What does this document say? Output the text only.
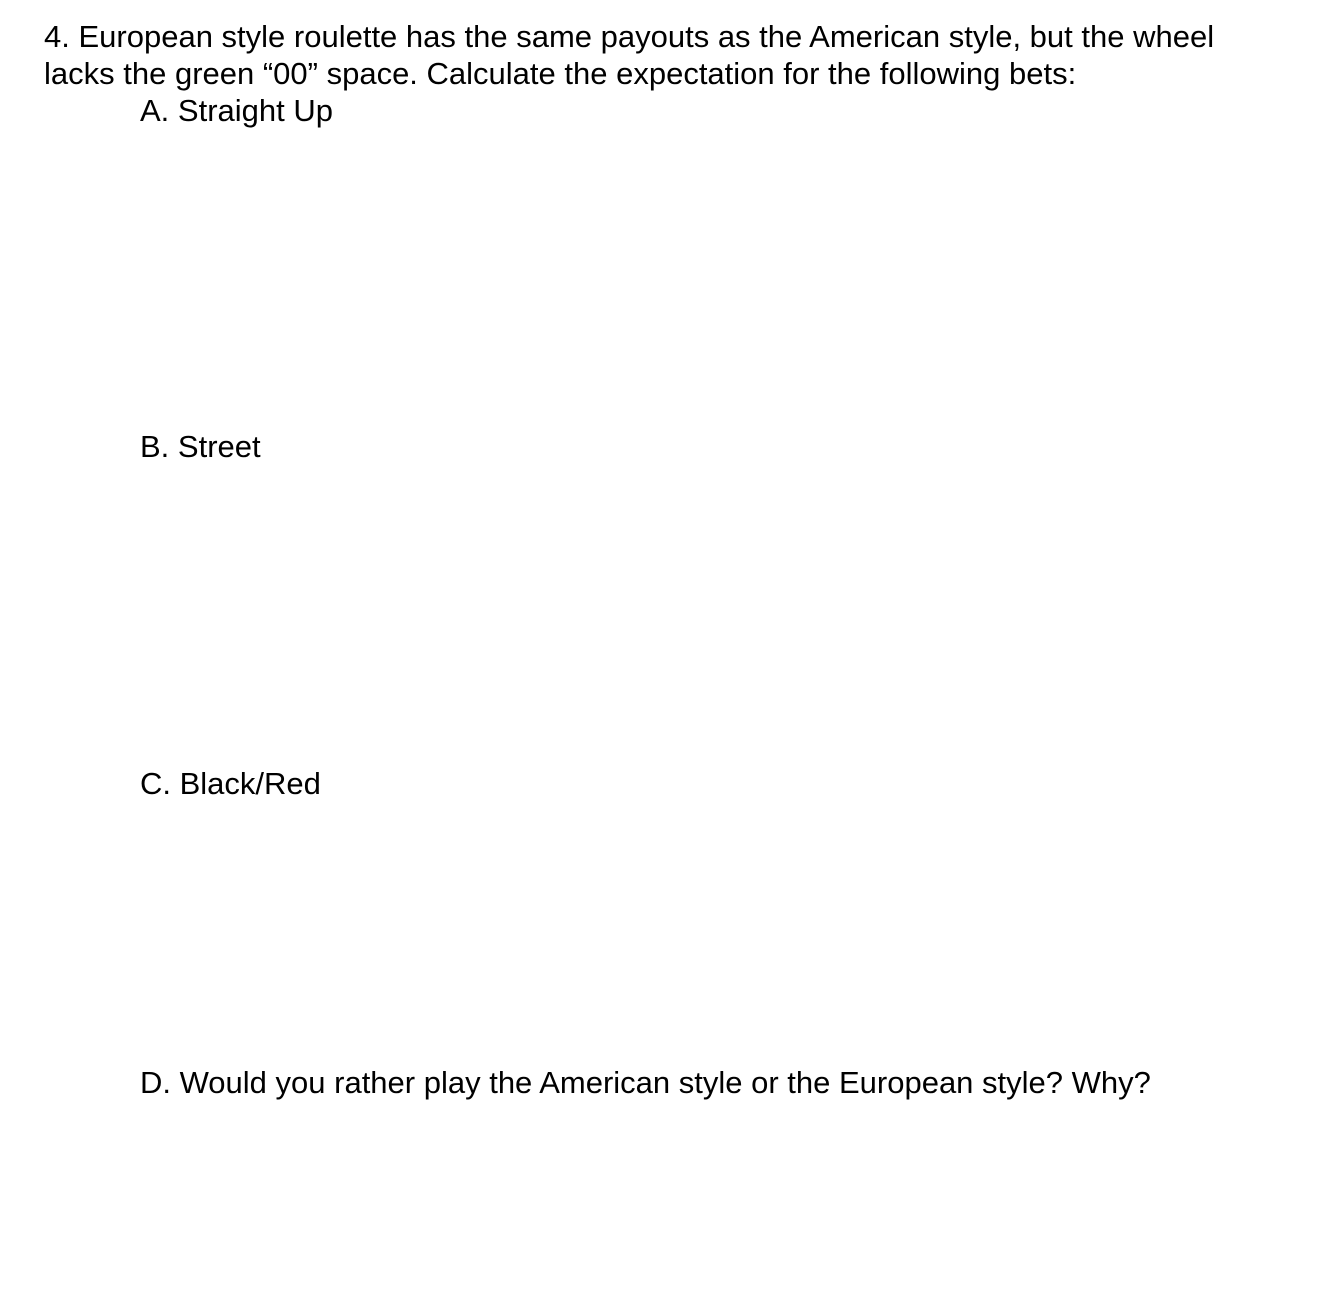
4. European style roulette has the same payouts as the American style, but the wheel
lacks the green “00” space. Calculate the expectation for the following bets:

A. Straight Up

B. Street

C. Black/Red

D. Would you rather play the American style or the European style? Why?
